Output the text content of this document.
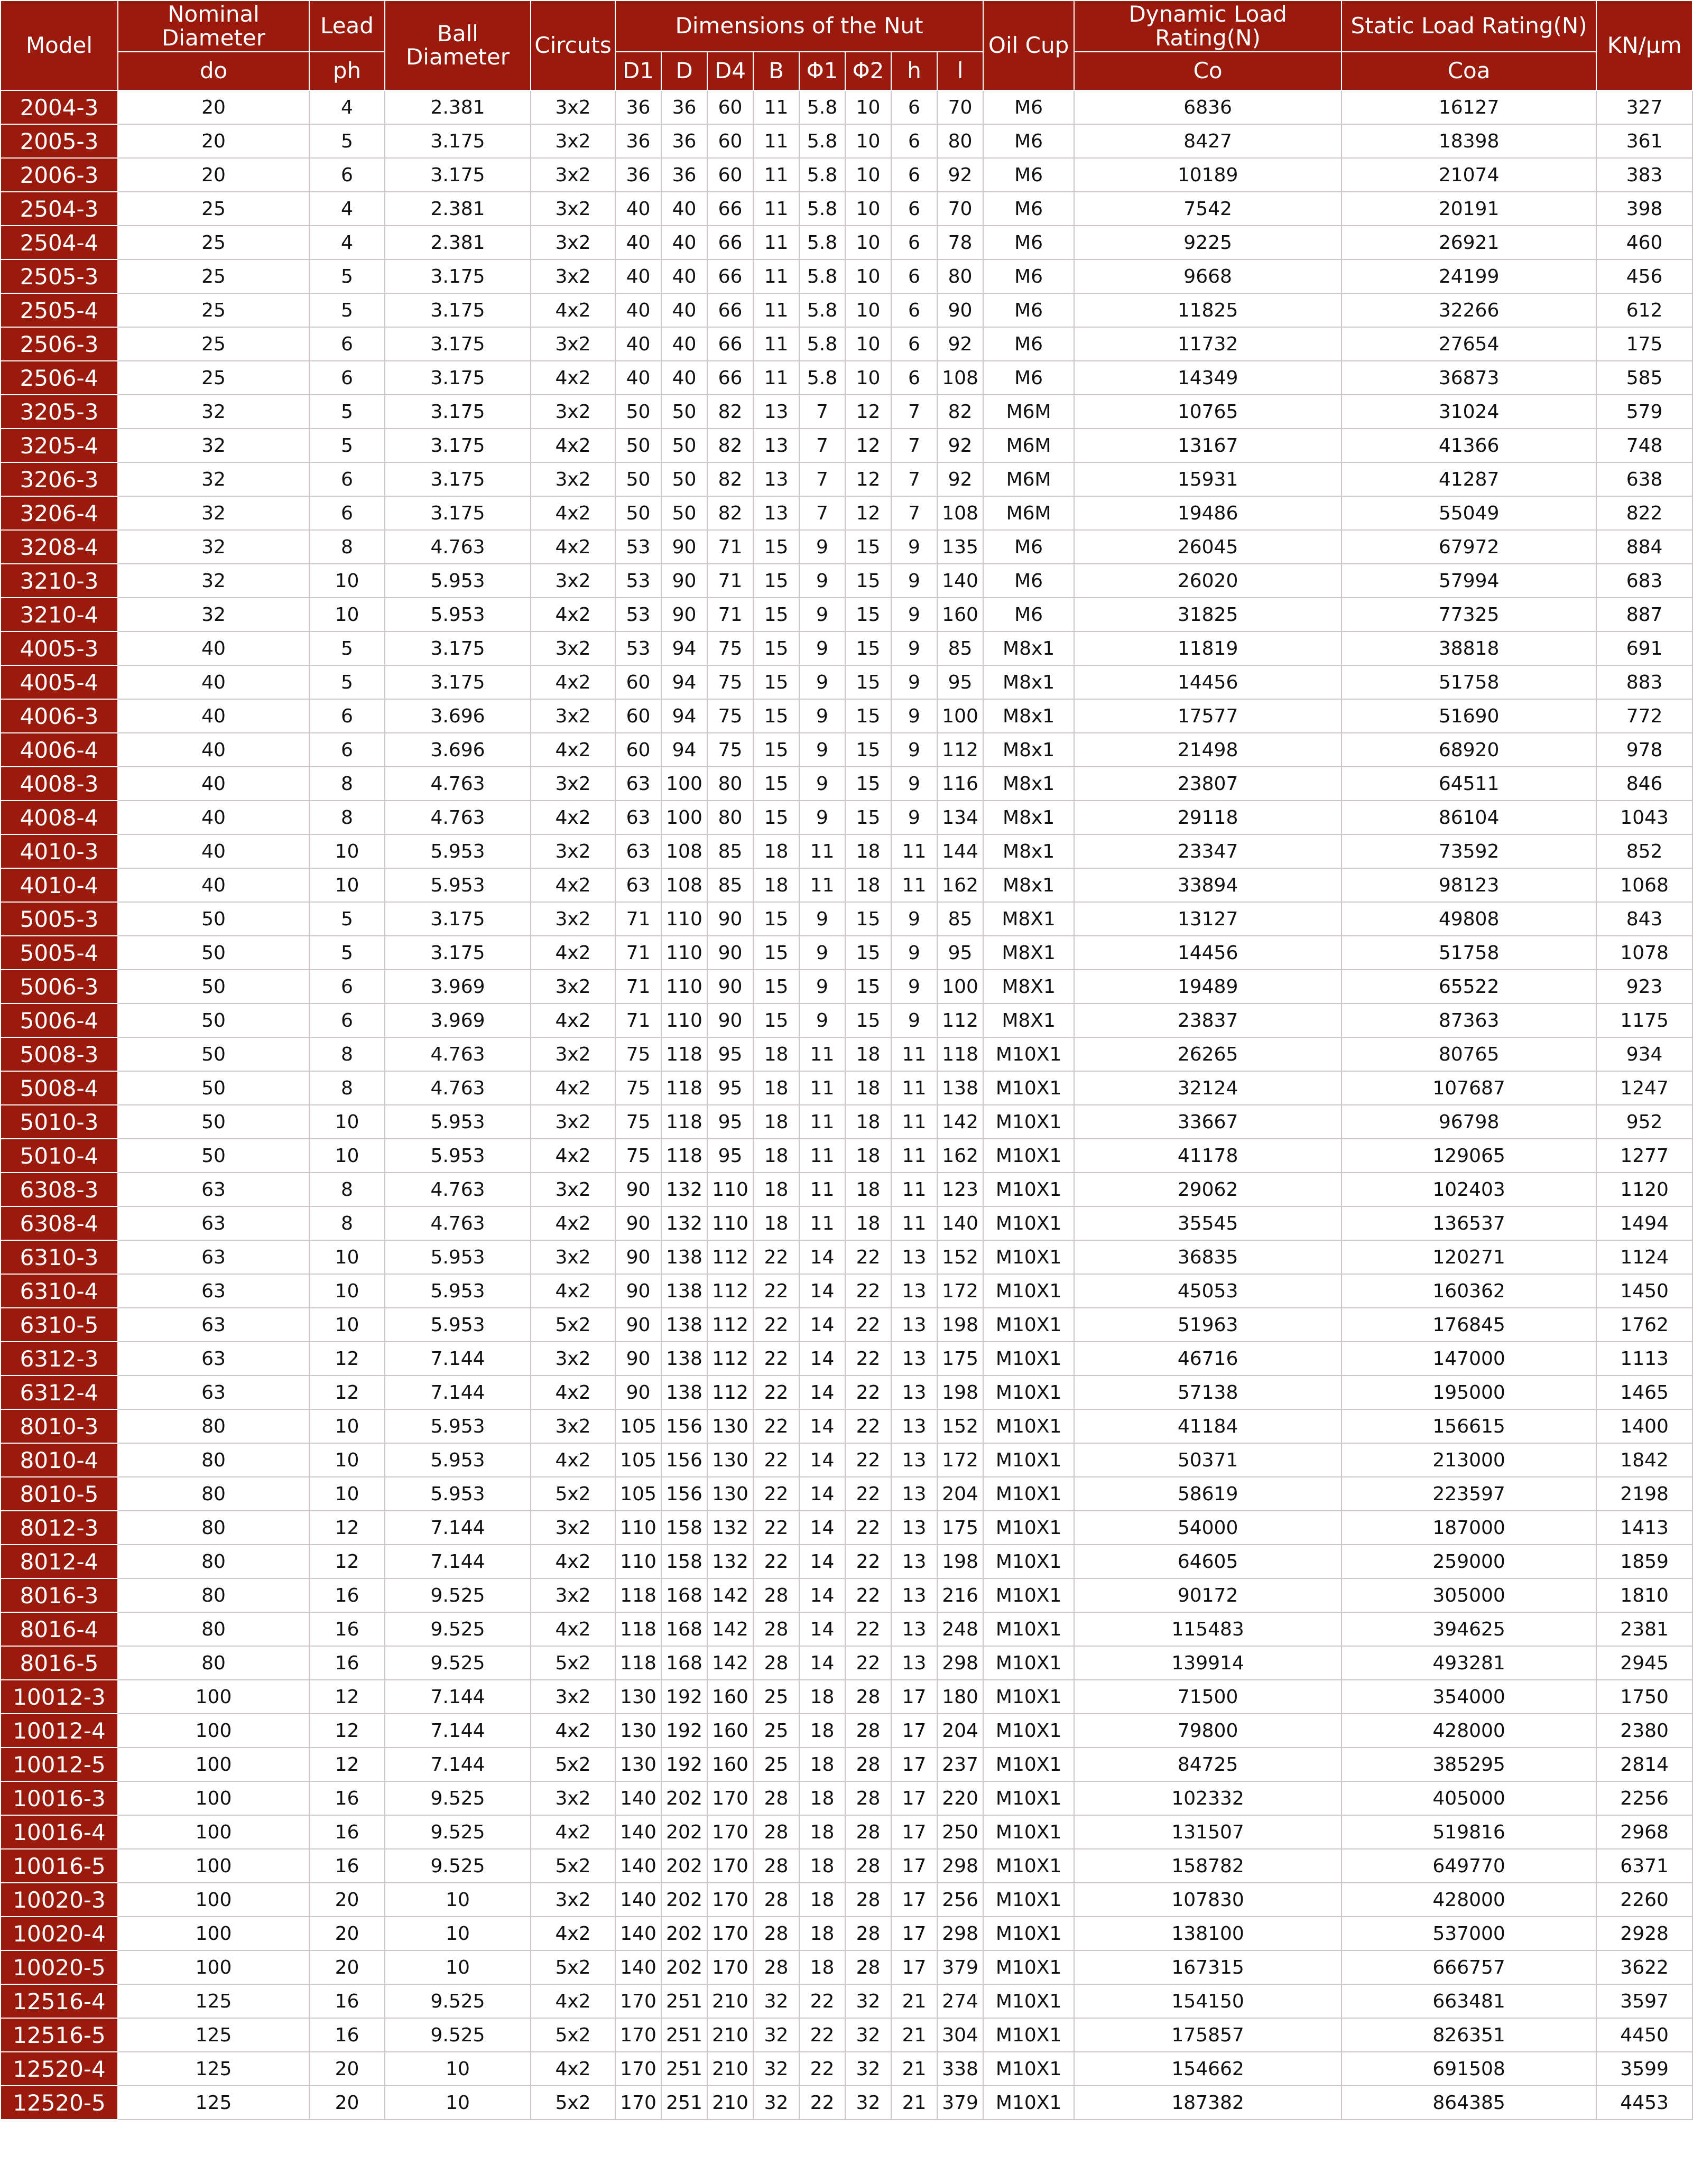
Model	Nominal Diameter	Lead	Ball Diameter	Circuts	Dimensions of the Nut								Oil Cup	Dynamic Load Rating(N)	Static Load Rating(N)	KN/μm
	do	ph			D1	D	D4	B	Φ1	Φ2	h	l		Co	Coa	
2004-3	20	4	2.381	3x2	36	36	60	11	5.8	10	6	70	M6	6836	16127	327
2005-3	20	5	3.175	3x2	36	36	60	11	5.8	10	6	80	M6	8427	18398	361
2006-3	20	6	3.175	3x2	36	36	60	11	5.8	10	6	92	M6	10189	21074	383
2504-3	25	4	2.381	3x2	40	40	66	11	5.8	10	6	70	M6	7542	20191	398
2504-4	25	4	2.381	3x2	40	40	66	11	5.8	10	6	78	M6	9225	26921	460
2505-3	25	5	3.175	3x2	40	40	66	11	5.8	10	6	80	M6	9668	24199	456
2505-4	25	5	3.175	4x2	40	40	66	11	5.8	10	6	90	M6	11825	32266	612
2506-3	25	6	3.175	3x2	40	40	66	11	5.8	10	6	92	M6	11732	27654	175
2506-4	25	6	3.175	4x2	40	40	66	11	5.8	10	6	108	M6	14349	36873	585
3205-3	32	5	3.175	3x2	50	50	82	13	7	12	7	82	M6M	10765	31024	579
3205-4	32	5	3.175	4x2	50	50	82	13	7	12	7	92	M6M	13167	41366	748
3206-3	32	6	3.175	3x2	50	50	82	13	7	12	7	92	M6M	15931	41287	638
3206-4	32	6	3.175	4x2	50	50	82	13	7	12	7	108	M6M	19486	55049	822
3208-4	32	8	4.763	4x2	53	90	71	15	9	15	9	135	M6	26045	67972	884
3210-3	32	10	5.953	3x2	53	90	71	15	9	15	9	140	M6	26020	57994	683
3210-4	32	10	5.953	4x2	53	90	71	15	9	15	9	160	M6	31825	77325	887
4005-3	40	5	3.175	3x2	53	94	75	15	9	15	9	85	M8x1	11819	38818	691
4005-4	40	5	3.175	4x2	60	94	75	15	9	15	9	95	M8x1	14456	51758	883
4006-3	40	6	3.696	3x2	60	94	75	15	9	15	9	100	M8x1	17577	51690	772
4006-4	40	6	3.696	4x2	60	94	75	15	9	15	9	112	M8x1	21498	68920	978
4008-3	40	8	4.763	3x2	63	100	80	15	9	15	9	116	M8x1	23807	64511	846
4008-4	40	8	4.763	4x2	63	100	80	15	9	15	9	134	M8x1	29118	86104	1043
4010-3	40	10	5.953	3x2	63	108	85	18	11	18	11	144	M8x1	23347	73592	852
4010-4	40	10	5.953	4x2	63	108	85	18	11	18	11	162	M8x1	33894	98123	1068
5005-3	50	5	3.175	3x2	71	110	90	15	9	15	9	85	M8X1	13127	49808	843
5005-4	50	5	3.175	4x2	71	110	90	15	9	15	9	95	M8X1	14456	51758	1078
5006-3	50	6	3.969	3x2	71	110	90	15	9	15	9	100	M8X1	19489	65522	923
5006-4	50	6	3.969	4x2	71	110	90	15	9	15	9	112	M8X1	23837	87363	1175
5008-3	50	8	4.763	3x2	75	118	95	18	11	18	11	118	M10X1	26265	80765	934
5008-4	50	8	4.763	4x2	75	118	95	18	11	18	11	138	M10X1	32124	107687	1247
5010-3	50	10	5.953	3x2	75	118	95	18	11	18	11	142	M10X1	33667	96798	952
5010-4	50	10	5.953	4x2	75	118	95	18	11	18	11	162	M10X1	41178	129065	1277
6308-3	63	8	4.763	3x2	90	132	110	18	11	18	11	123	M10X1	29062	102403	1120
6308-4	63	8	4.763	4x2	90	132	110	18	11	18	11	140	M10X1	35545	136537	1494
6310-3	63	10	5.953	3x2	90	138	112	22	14	22	13	152	M10X1	36835	120271	1124
6310-4	63	10	5.953	4x2	90	138	112	22	14	22	13	172	M10X1	45053	160362	1450
6310-5	63	10	5.953	5x2	90	138	112	22	14	22	13	198	M10X1	51963	176845	1762
6312-3	63	12	7.144	3x2	90	138	112	22	14	22	13	175	M10X1	46716	147000	1113
6312-4	63	12	7.144	4x2	90	138	112	22	14	22	13	198	M10X1	57138	195000	1465
8010-3	80	10	5.953	3x2	105	156	130	22	14	22	13	152	M10X1	41184	156615	1400
8010-4	80	10	5.953	4x2	105	156	130	22	14	22	13	172	M10X1	50371	213000	1842
8010-5	80	10	5.953	5x2	105	156	130	22	14	22	13	204	M10X1	58619	223597	2198
8012-3	80	12	7.144	3x2	110	158	132	22	14	22	13	175	M10X1	54000	187000	1413
8012-4	80	12	7.144	4x2	110	158	132	22	14	22	13	198	M10X1	64605	259000	1859
8016-3	80	16	9.525	3x2	118	168	142	28	14	22	13	216	M10X1	90172	305000	1810
8016-4	80	16	9.525	4x2	118	168	142	28	14	22	13	248	M10X1	115483	394625	2381
8016-5	80	16	9.525	5x2	118	168	142	28	14	22	13	298	M10X1	139914	493281	2945
10012-3	100	12	7.144	3x2	130	192	160	25	18	28	17	180	M10X1	71500	354000	1750
10012-4	100	12	7.144	4x2	130	192	160	25	18	28	17	204	M10X1	79800	428000	2380
10012-5	100	12	7.144	5x2	130	192	160	25	18	28	17	237	M10X1	84725	385295	2814
10016-3	100	16	9.525	3x2	140	202	170	28	18	28	17	220	M10X1	102332	405000	2256
10016-4	100	16	9.525	4x2	140	202	170	28	18	28	17	250	M10X1	131507	519816	2968
10016-5	100	16	9.525	5x2	140	202	170	28	18	28	17	298	M10X1	158782	649770	6371
10020-3	100	20	10	3x2	140	202	170	28	18	28	17	256	M10X1	107830	428000	2260
10020-4	100	20	10	4x2	140	202	170	28	18	28	17	298	M10X1	138100	537000	2928
10020-5	100	20	10	5x2	140	202	170	28	18	28	17	379	M10X1	167315	666757	3622
12516-4	125	16	9.525	4x2	170	251	210	32	22	32	21	274	M10X1	154150	663481	3597
12516-5	125	16	9.525	5x2	170	251	210	32	22	32	21	304	M10X1	175857	826351	4450
12520-4	125	20	10	4x2	170	251	210	32	22	32	21	338	M10X1	154662	691508	3599
12520-5	125	20	10	5x2	170	251	210	32	22	32	21	379	M10X1	187382	864385	4453
